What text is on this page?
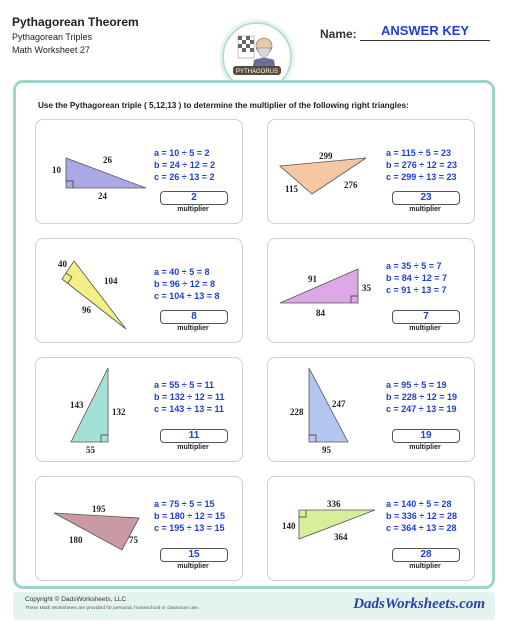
Pythagorean Theorem
Pythagorean Triples
Math Worksheet 27
PYTHAGORUS
Name:	ANSWER KEY
Use the Pythagorean triple ( 5,12,13 ) to determine the multiplier of the following right triangles:
10
26
24
a = 10 ÷ 5 = 2
b = 24 ÷ 12 = 2
c = 26 ÷ 13 = 2
2
multiplier
299
115	276
a = 115 ÷ 5 = 23
b = 276 ÷ 12 = 23
c = 299 ÷ 13 = 23
23
multiplier
40
104
96
a = 40 ÷ 5 = 8
b = 96 ÷ 12 = 8
c = 104 ÷ 13 = 8
8
multiplier
91
35
84
a = 35 ÷ 5 = 7
b = 84 ÷ 12 = 7
c = 91 ÷ 13 = 7
7
multiplier
143
132
55
a = 55 ÷ 5 = 11
b = 132 ÷ 12 = 11
c = 143 ÷ 13 = 11
11
multiplier
228
247
95
a = 95 ÷ 5 = 19
b = 228 ÷ 12 = 19
c = 247 ÷ 13 = 19
19
multiplier
195
180	75
a = 75 ÷ 5 = 15
b = 180 ÷ 12 = 15
c = 195 ÷ 13 = 15
15
multiplier
336
140
364
a = 140 ÷ 5 = 28
b = 336 ÷ 12 = 28
c = 364 ÷ 13 = 28
28
multiplier
Copyright © DadsWorksheets, LLC
These Math Worksheets are provided for personal, homeschool or classroom use.	DadsWorksheets.com
